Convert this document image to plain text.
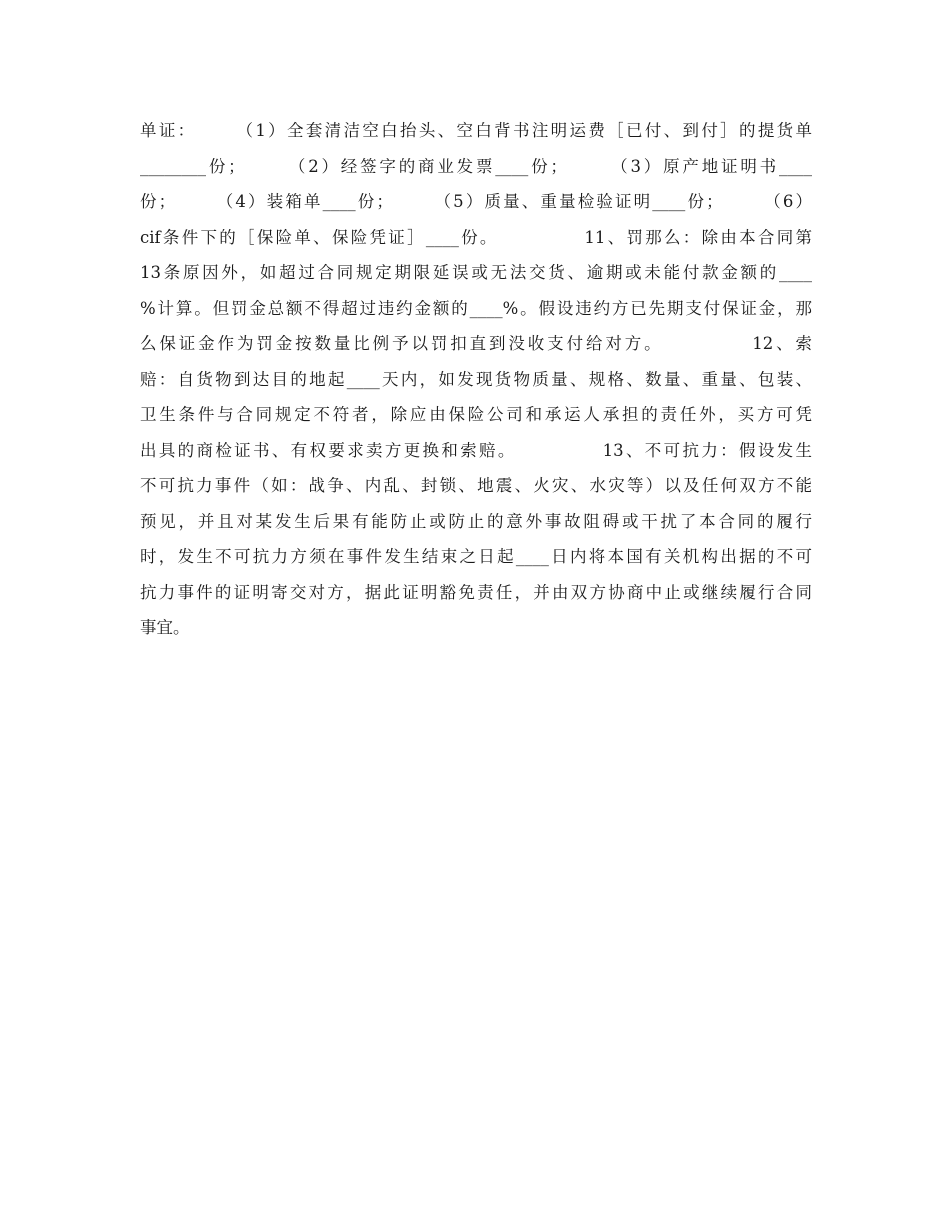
单证：　　　（1）全套清洁空白抬头、空白背书注明运费［已付、到付］的提货单
________份；　　　（2）经签字的商业发票____份；　　　（3）原产地证明书____
份；　　　（4）装箱单____份；　　　（5）质量、重量检验证明____份；　　　（6）
cif条件下的［保险单、保险凭证］____份。　　　　　11、罚那么：除由本合同第
13条原因外，如超过合同规定期限延误或无法交货、逾期或未能付款金额的____
%计算。但罚金总额不得超过违约金额的____%。假设违约方已先期支付保证金，那
么保证金作为罚金按数量比例予以罚扣直到没收支付给对方。　　　　　12、索
赔：自货物到达目的地起____天内，如发现货物质量、规格、数量、重量、包装、
卫生条件与合同规定不符者，除应由保险公司和承运人承担的责任外，买方可凭
出具的商检证书、有权要求卖方更换和索赔。　　　　　13、不可抗力：假设发生
不可抗力事件（如：战争、内乱、封锁、地震、火灾、水灾等）以及任何双方不能
预见，并且对某发生后果有能防止或防止的意外事故阻碍或干扰了本合同的履行
时，发生不可抗力方须在事件发生结束之日起____日内将本国有关机构出据的不可
抗力事件的证明寄交对方，据此证明豁免责任，并由双方协商中止或继续履行合同
事宜。
